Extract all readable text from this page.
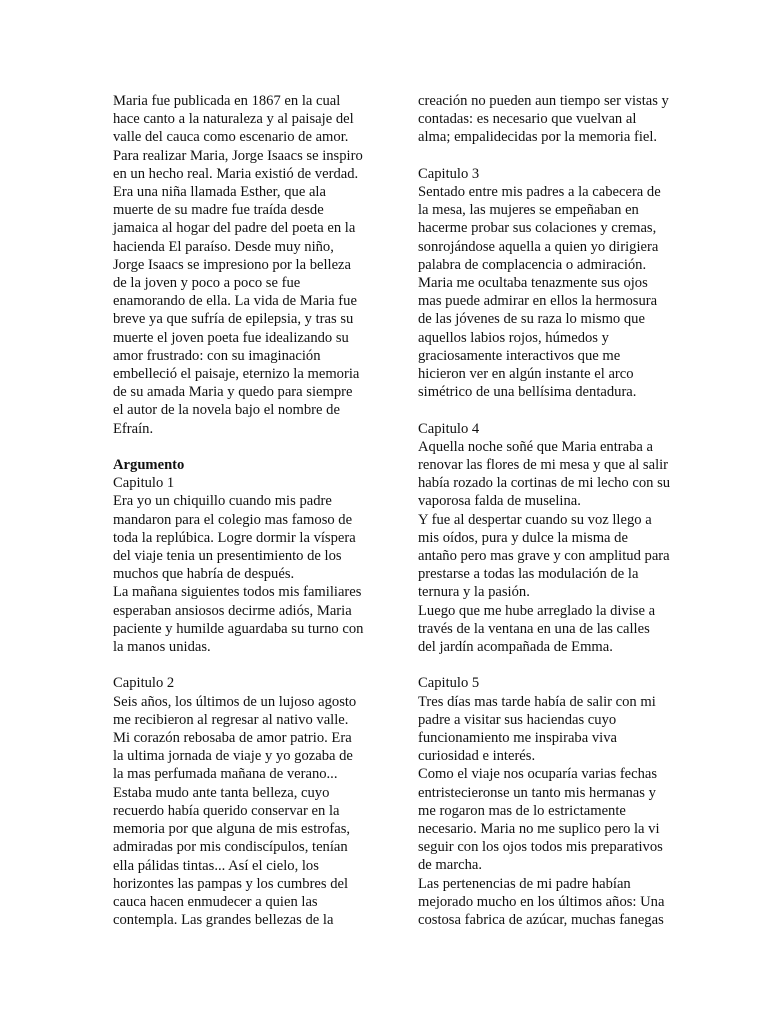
Maria fue publicada en 1867 en la cual
hace canto a la naturaleza y al paisaje del
valle del cauca como escenario de amor.
Para realizar Maria, Jorge Isaacs se inspiro
en un hecho real. Maria existió de verdad.
Era una niña llamada Esther, que ala
muerte de su madre fue traída desde
jamaica al hogar del padre del poeta en la
hacienda El paraíso. Desde muy niño,
Jorge Isaacs se impresiono por la belleza
de la joven y poco a poco se fue
enamorando de ella. La vida de Maria fue
breve ya que sufría de epilepsia, y tras su
muerte el joven poeta fue idealizando su
amor frustrado: con su imaginación
embelleció el paisaje, eternizo la memoria
de su amada Maria y quedo para siempre
el autor de la novela bajo el nombre de
Efraín.

Argumento

Capitulo 1

Era yo un chiquillo cuando mis padre
mandaron para el colegio mas famoso de
toda la replúbica. Logre dormir la víspera
del viaje tenia un presentimiento de los
muchos que habría de después.
La mañana siguientes todos mis familiares
esperaban ansiosos decirme adiós, Maria
paciente y humilde aguardaba su turno con
la manos unidas.

Capitulo 2

Seis años, los últimos de un lujoso agosto
me recibieron al regresar al nativo valle.
Mi corazón rebosaba de amor patrio. Era
la ultima jornada de viaje y yo gozaba de
la mas perfumada mañana de verano...
Estaba mudo ante tanta belleza, cuyo
recuerdo había querido conservar en la
memoria por que alguna de mis estrofas,
admiradas por mis condiscípulos, tenían
ella pálidas tintas... Así el cielo, los
horizontes las pampas y los cumbres del
cauca hacen enmudecer a quien las
contempla. Las grandes bellezas de la

creación no pueden aun tiempo ser vistas y
contadas: es necesario que vuelvan al
alma; empalidecidas por la memoria fiel.

Capitulo 3

Sentado entre mis padres a la cabecera de
la mesa, las mujeres se empeñaban en
hacerme probar sus colaciones y cremas,
sonrojándose aquella a quien yo dirigiera
palabra de complacencia o admiración.
Maria me ocultaba tenazmente sus ojos
mas puede admirar en ellos la hermosura
de las jóvenes de su raza lo mismo que
aquellos labios rojos, húmedos y
graciosamente interactivos que me
hicieron ver en algún instante el arco
simétrico de una bellísima dentadura.

Capitulo 4

Aquella noche soñé que Maria entraba a
renovar las flores de mi mesa y que al salir
había rozado la cortinas de mi lecho con su
vaporosa falda de muselina.
Y fue al despertar cuando su voz llego a
mis oídos, pura y dulce la misma de
antaño pero mas grave y con amplitud para
prestarse a todas las modulación de la
ternura y la pasión.
Luego que me hube arreglado la divise a
través de la ventana en una de las calles
del jardín acompañada de Emma.

Capitulo 5

Tres días mas tarde había de salir con mi
padre a visitar sus haciendas cuyo
funcionamiento me inspiraba viva
curiosidad e interés.
Como el viaje nos ocuparía varias fechas
entristecieronse un tanto mis hermanas y
me rogaron mas de lo estrictamente
necesario. Maria no me suplico pero la vi
seguir con los ojos todos mis preparativos
de marcha.
Las pertenencias de mi padre habían
mejorado mucho en los últimos años: Una
costosa fabrica de azúcar, muchas fanegas
